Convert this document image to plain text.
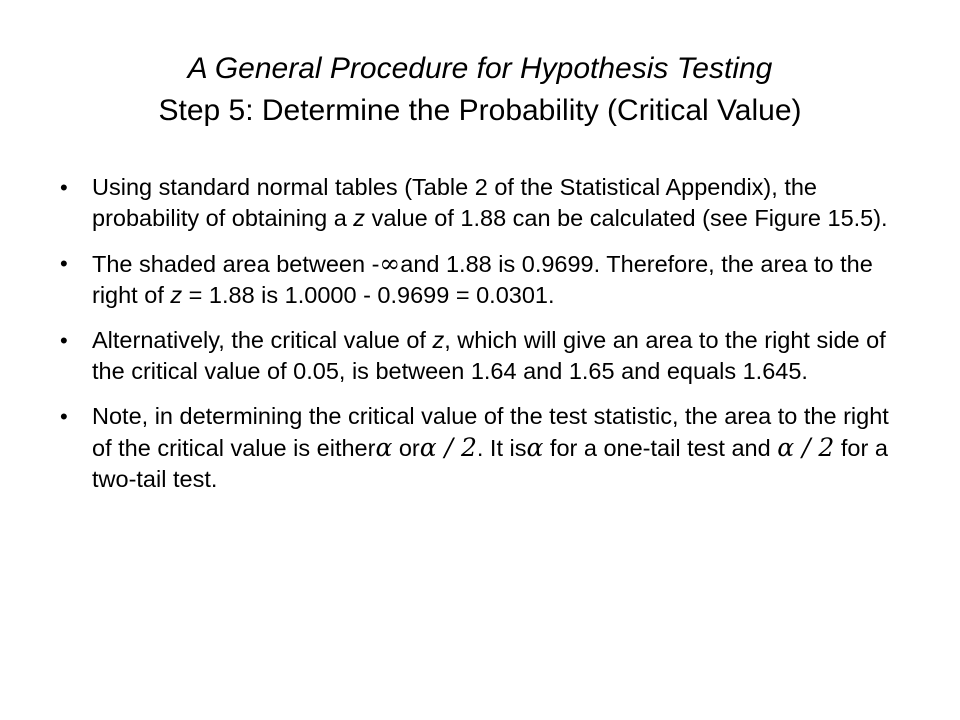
A General Procedure for Hypothesis Testing
Step 5: Determine the Probability (Critical Value)
•	Using standard normal tables (Table 2 of the Statistical Appendix), the probability of obtaining a z value of 1.88 can be calculated (see Figure 15.5).
•	The shaded area between -∞and 1.88 is 0.9699. Therefore, the area to the right of z = 1.88 is 1.0000 - 0.9699 = 0.0301.
•	Alternatively, the critical value of z, which will give an area to the right side of the critical value of 0.05, is between 1.64 and 1.65 and equals 1.645.
•	Note, in determining the critical value of the test statistic, the area to the right of the critical value is eitherα orα / 2. It isα for a one-tail test and α / 2 for a two-tail test.
